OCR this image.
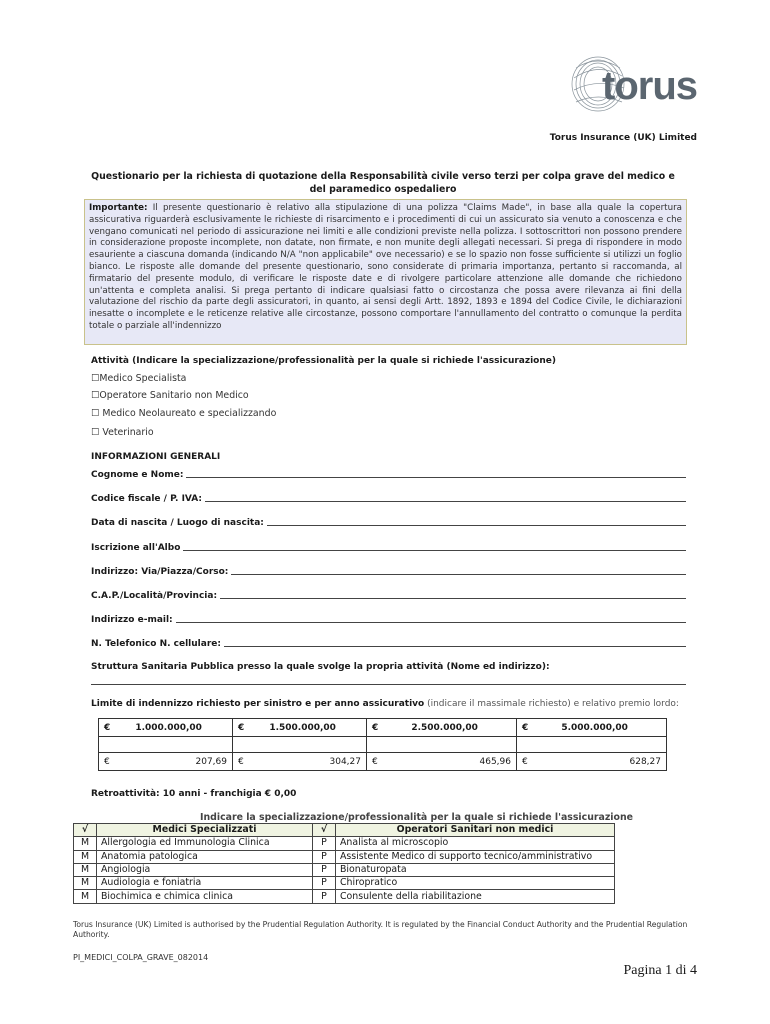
torus
Torus Insurance (UK) Limited
Questionario per la richiesta di quotazione della Responsabilità civile verso terzi per colpa grave del medico e del paramedico ospedaliero
Importante: Il presente questionario è relativo alla stipulazione di una polizza "Claims Made", in base alla quale la copertura assicurativa riguarderà esclusivamente le richieste di risarcimento e i procedimenti di cui un assicurato sia venuto a conoscenza e che vengano comunicati nel periodo di assicurazione nei limiti e alle condizioni previste nella polizza. I sottoscrittori non possono prendere in considerazione proposte incomplete, non datate, non firmate, e non munite degli allegati necessari. Si prega di rispondere in modo esauriente a ciascuna domanda (indicando N/A "non applicabile" ove necessario) e se lo spazio non fosse sufficiente si utilizzi un foglio bianco. Le risposte alle domande del presente questionario, sono considerate di primaria importanza, pertanto si raccomanda, al firmatario del presente modulo, di verificare le risposte date e di rivolgere particolare attenzione alle domande che richiedono un'attenta e completa analisi. Si prega pertanto di indicare qualsiasi fatto o circostanza che possa avere rilevanza ai fini della valutazione del rischio da parte degli assicuratori, in quanto, ai sensi degli Artt. 1892, 1893 e 1894 del Codice Civile, le dichiarazioni inesatte o incomplete e le reticenze relative alle circostanze, possono comportare l'annullamento del contratto o comunque la perdita totale o parziale all'indennizzo
Attività (Indicare la specializzazione/professionalità per la quale si richiede l'assicurazione)
☐Medico Specialista
☐Operatore Sanitario non Medico
☐ Medico Neolaureato e specializzando
☐ Veterinario
INFORMAZIONI GENERALI
Cognome e Nome:
Codice fiscale / P. IVA:
Data di nascita / Luogo di nascita:
Iscrizione all'Albo
Indirizzo: Via/Piazza/Corso:
C.A.P./Località/Provincia:
Indirizzo e-mail:
N. Telefonico N. cellulare:
Struttura Sanitaria Pubblica presso la quale svolge la propria attività (Nome ed indirizzo):
Limite di indennizzo richiesto per sinistro e per anno assicurativo (indicare il massimale richiesto) e relativo premio lordo:
€ 1.000.000,00	€ 1.500.000,00	€ 2.500.000,00	€ 5.000.000,00

€ 207,69	€ 304,27	€ 465,96	€ 628,27
Retroattività: 10 anni - franchigia € 0,00
Indicare la specializzazione/professionalità per la quale si richiede l'assicurazione
√	Medici Specializzati	√	Operatori Sanitari non medici
M	Allergologia ed Immunologia Clinica	P	Analista al microscopio
M	Anatomia patologica	P	Assistente Medico di supporto tecnico/amministrativo
M	Angiologia	P	Bionaturopata
M	Audiologia e foniatria	P	Chiropratico
M	Biochimica e chimica clinica	P	Consulente della riabilitazione
Torus Insurance (UK) Limited is authorised by the Prudential Regulation Authority. It is regulated by the Financial Conduct Authority and the Prudential Regulation Authority.
PI_MEDICI_COLPA_GRAVE_082014
Pagina 1 di 4
